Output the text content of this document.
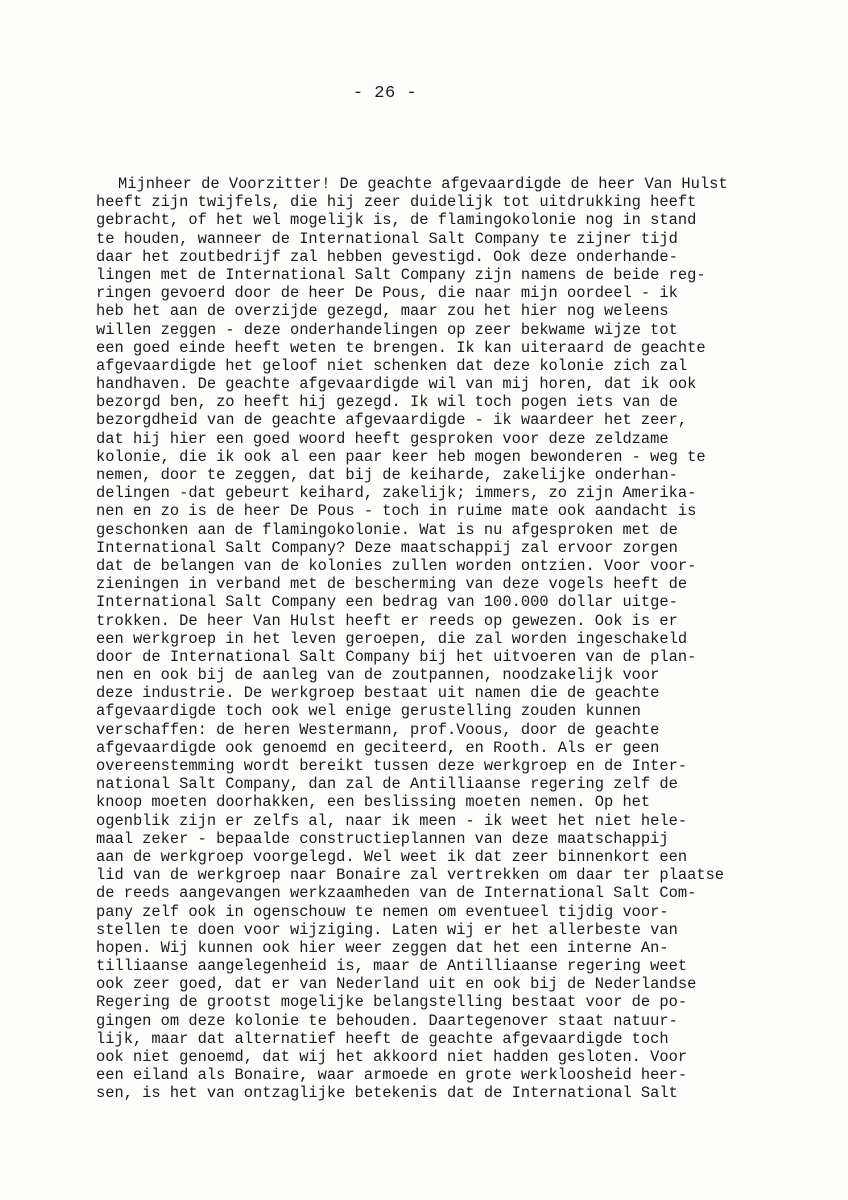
- 26 -
Mijnheer de Voorzitter! De geachte afgevaardigde de heer Van Hulst
heeft zijn twijfels, die hij zeer duidelijk tot uitdrukking heeft
gebracht, of het wel mogelijk is, de flamingokolonie nog in stand
te houden, wanneer de International Salt Company te zijner tijd
daar het zoutbedrijf zal hebben gevestigd. Ook deze onderhande-
lingen met de International Salt Company zijn namens de beide reg-
ringen gevoerd door de heer De Pous, die naar mijn oordeel - ik
heb het aan de overzijde gezegd, maar zou het hier nog weleens
willen zeggen - deze onderhandelingen op zeer bekwame wijze tot
een goed einde heeft weten te brengen. Ik kan uiteraard de geachte
afgevaardigde het geloof niet schenken dat deze kolonie zich zal
handhaven. De geachte afgevaardigde wil van mij horen, dat ik ook
bezorgd ben, zo heeft hij gezegd. Ik wil toch pogen iets van de
bezorgdheid van de geachte afgevaardigde - ik waardeer het zeer,
dat hij hier een goed woord heeft gesproken voor deze zeldzame
kolonie, die ik ook al een paar keer heb mogen bewonderen - weg te
nemen, door te zeggen, dat bij de keiharde, zakelijke onderhan-
delingen -dat gebeurt keihard, zakelijk; immers, zo zijn Amerika-
nen en zo is de heer De Pous - toch in ruime mate ook aandacht is
geschonken aan de flamingokolonie. Wat is nu afgesproken met de
International Salt Company? Deze maatschappij zal ervoor zorgen
dat de belangen van de kolonies zullen worden ontzien. Voor voor-
zieningen in verband met de bescherming van deze vogels heeft de
International Salt Company een bedrag van 100.000 dollar uitge-
trokken. De heer Van Hulst heeft er reeds op gewezen. Ook is er
een werkgroep in het leven geroepen, die zal worden ingeschakeld
door de International Salt Company bij het uitvoeren van de plan-
nen en ook bij de aanleg van de zoutpannen, noodzakelijk voor
deze industrie. De werkgroep bestaat uit namen die de geachte
afgevaardigde toch ook wel enige gerustelling zouden kunnen
verschaffen: de heren Westermann, prof.Voous, door de geachte
afgevaardigde ook genoemd en geciteerd, en Rooth. Als er geen
overeenstemming wordt bereikt tussen deze werkgroep en de Inter-
national Salt Company, dan zal de Antilliaanse regering zelf de
knoop moeten doorhakken, een beslissing moeten nemen. Op het
ogenblik zijn er zelfs al, naar ik meen - ik weet het niet hele-
maal zeker - bepaalde constructieplannen van deze maatschappij
aan de werkgroep voorgelegd. Wel weet ik dat zeer binnenkort een
lid van de werkgroep naar Bonaire zal vertrekken om daar ter plaatse
de reeds aangevangen werkzaamheden van de International Salt Com-
pany zelf ook in ogenschouw te nemen om eventueel tijdig voor-
stellen te doen voor wijziging. Laten wij er het allerbeste van
hopen. Wij kunnen ook hier weer zeggen dat het een interne An-
tilliaanse aangelegenheid is, maar de Antilliaanse regering weet
ook zeer goed, dat er van Nederland uit en ook bij de Nederlandse
Regering de grootst mogelijke belangstelling bestaat voor de po-
gingen om deze kolonie te behouden. Daartegenover staat natuur-
lijk, maar dat alternatief heeft de geachte afgevaardigde toch
ook niet genoemd, dat wij het akkoord niet hadden gesloten. Voor
een eiland als Bonaire, waar armoede en grote werkloosheid heer-
sen, is het van ontzaglijke betekenis dat de International Salt
